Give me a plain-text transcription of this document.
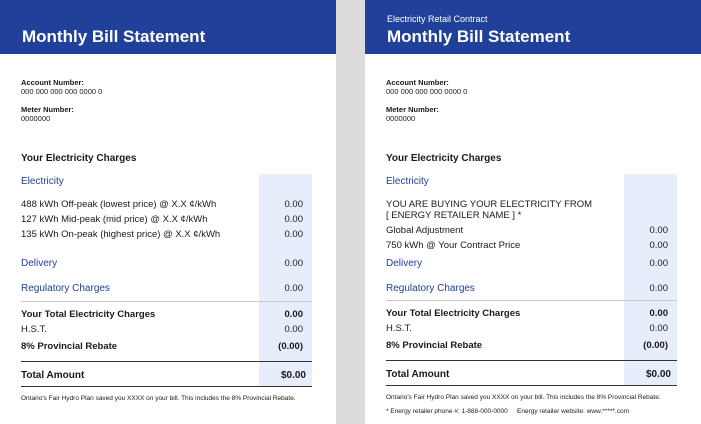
Monthly Bill Statement
Account Number:
000 000 000 000 0000 0
Meter Number:
0000000
Your Electricity Charges
Electricity
488 kWh Off-peak (lowest price) @ X.X ¢/kWh	0.00
127 kWh Mid-peak (mid price) @ X.X ¢/kWh	0.00
135 kWh On-peak (highest price) @ X.X ¢/kWh	0.00
Delivery	0.00
Regulatory Charges	0.00
Your Total Electricity Charges	0.00
H.S.T.	0.00
8% Provincial Rebate	(0.00)
Total Amount	$0.00
Ontario's Fair Hydro Plan saved you XXXX on your bill. This includes the 8% Provincial Rebate.
Electricity Retail Contract
Monthly Bill Statement
Account Number:
000 000 000 000 0000 0
Meter Number:
0000000
Your Electricity Charges
Electricity
YOU ARE BUYING YOUR ELECTRICITY FROM
[ ENERGY RETAILER NAME ] *
Global Adjustment	0.00
750 kWh @ Your Contract Price	0.00
Delivery	0.00
Regulatory Charges	0.00
Your Total Electricity Charges	0.00
H.S.T.	0.00
8% Provincial Rebate	(0.00)
Total Amount	$0.00
Ontario's Fair Hydro Plan saved you XXXX on your bill. This includes the 8% Provincial Rebate.
* Energy retailer phone #: 1-888-000-0000 Energy retailer website: www.*****.com
